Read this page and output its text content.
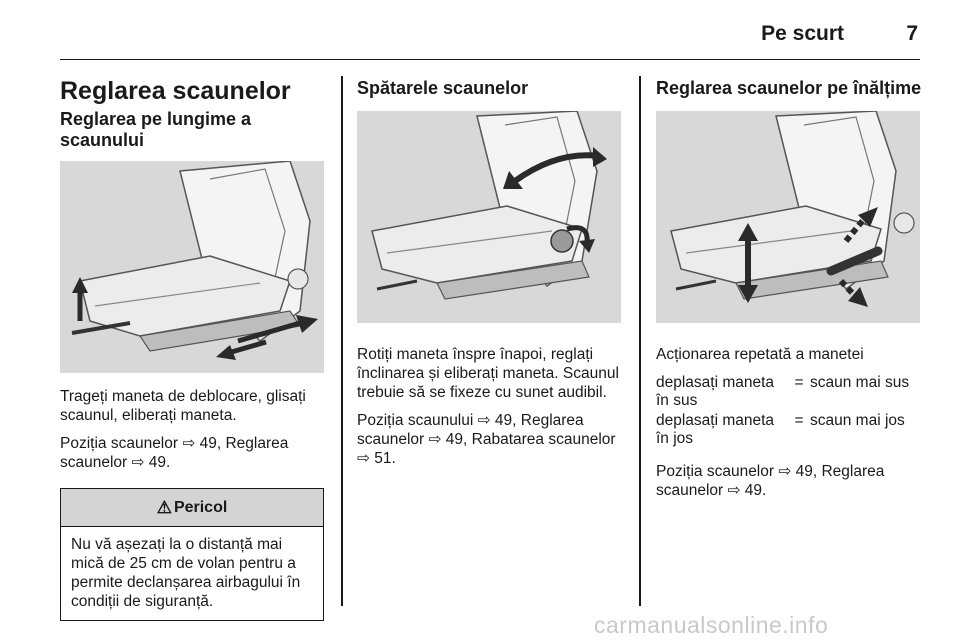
Pe scurt	7
Reglarea scaunelor
Reglarea pe lungime a scaunului

Trageți maneta de deblocare, glisați scaunul, eliberați maneta.

Poziția scaunelor ⇨ 49, Reglarea scaunelor ⇨ 49.

⚠ Pericol
Nu vă așezați la o distanță mai mică de 25 cm de volan pentru a permite declanșarea airbagului în condiții de siguranță.
Spătarele scaunelor

Rotiți maneta înspre înapoi, reglați înclinarea și eliberați maneta. Scaunul trebuie să se fixeze cu sunet audibil.

Poziția scaunului ⇨ 49, Reglarea scaunelor ⇨ 49, Rabatarea scaunelor ⇨ 51.

Reglarea scaunelor pe înălțime

Acționarea repetată a manetei

deplasați maneta în sus	=	scaun mai sus
deplasați maneta în jos	=	scaun mai jos

Poziția scaunelor ⇨ 49, Reglarea scaunelor ⇨ 49.

carmanualsonline.info
